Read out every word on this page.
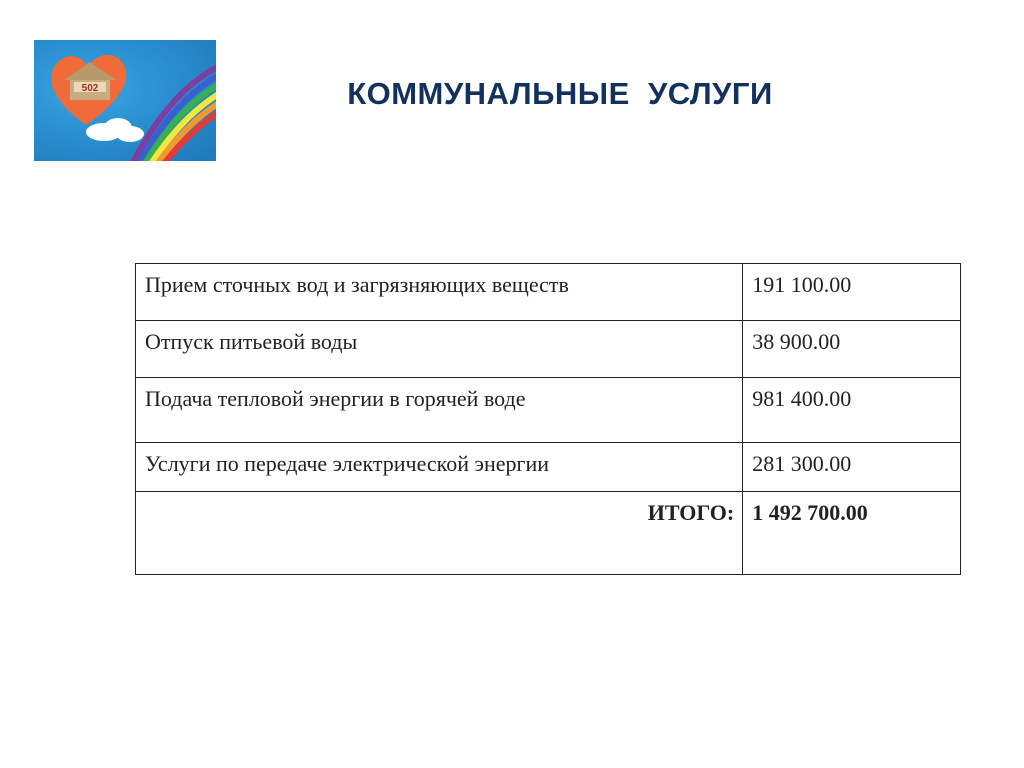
502	КОММУНАЛЬНЫЕ  УСЛУГИ
Прием сточных вод и загрязняющих веществ	191 100.00
Отпуск питьевой воды	38 900.00
Подача тепловой энергии в горячей воде	981 400.00
Услуги по передаче электрической энергии	281 300.00
ИТОГО:	1 492 700.00
